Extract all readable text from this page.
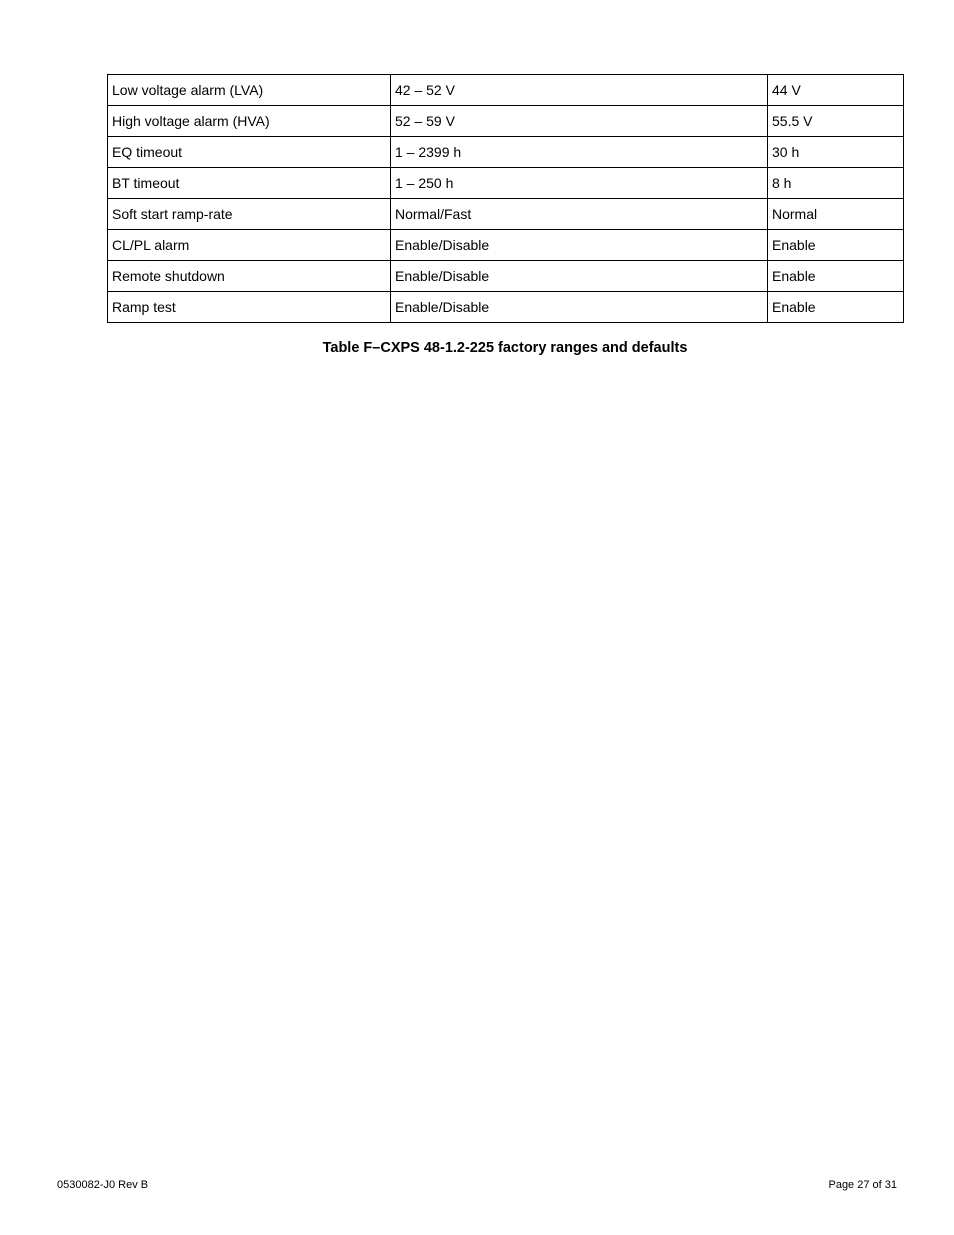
Low voltage alarm (LVA)	42 – 52 V	44 V
High voltage alarm (HVA)	52 – 59 V	55.5 V
EQ timeout	1 – 2399 h	30 h
BT timeout	1 – 250 h	8 h
Soft start ramp-rate	Normal/Fast	Normal
CL/PL alarm	Enable/Disable	Enable
Remote shutdown	Enable/Disable	Enable
Ramp test	Enable/Disable	Enable
Table F–CXPS 48-1.2-225 factory ranges and defaults
0530082-J0 Rev B	Page 27 of 31
